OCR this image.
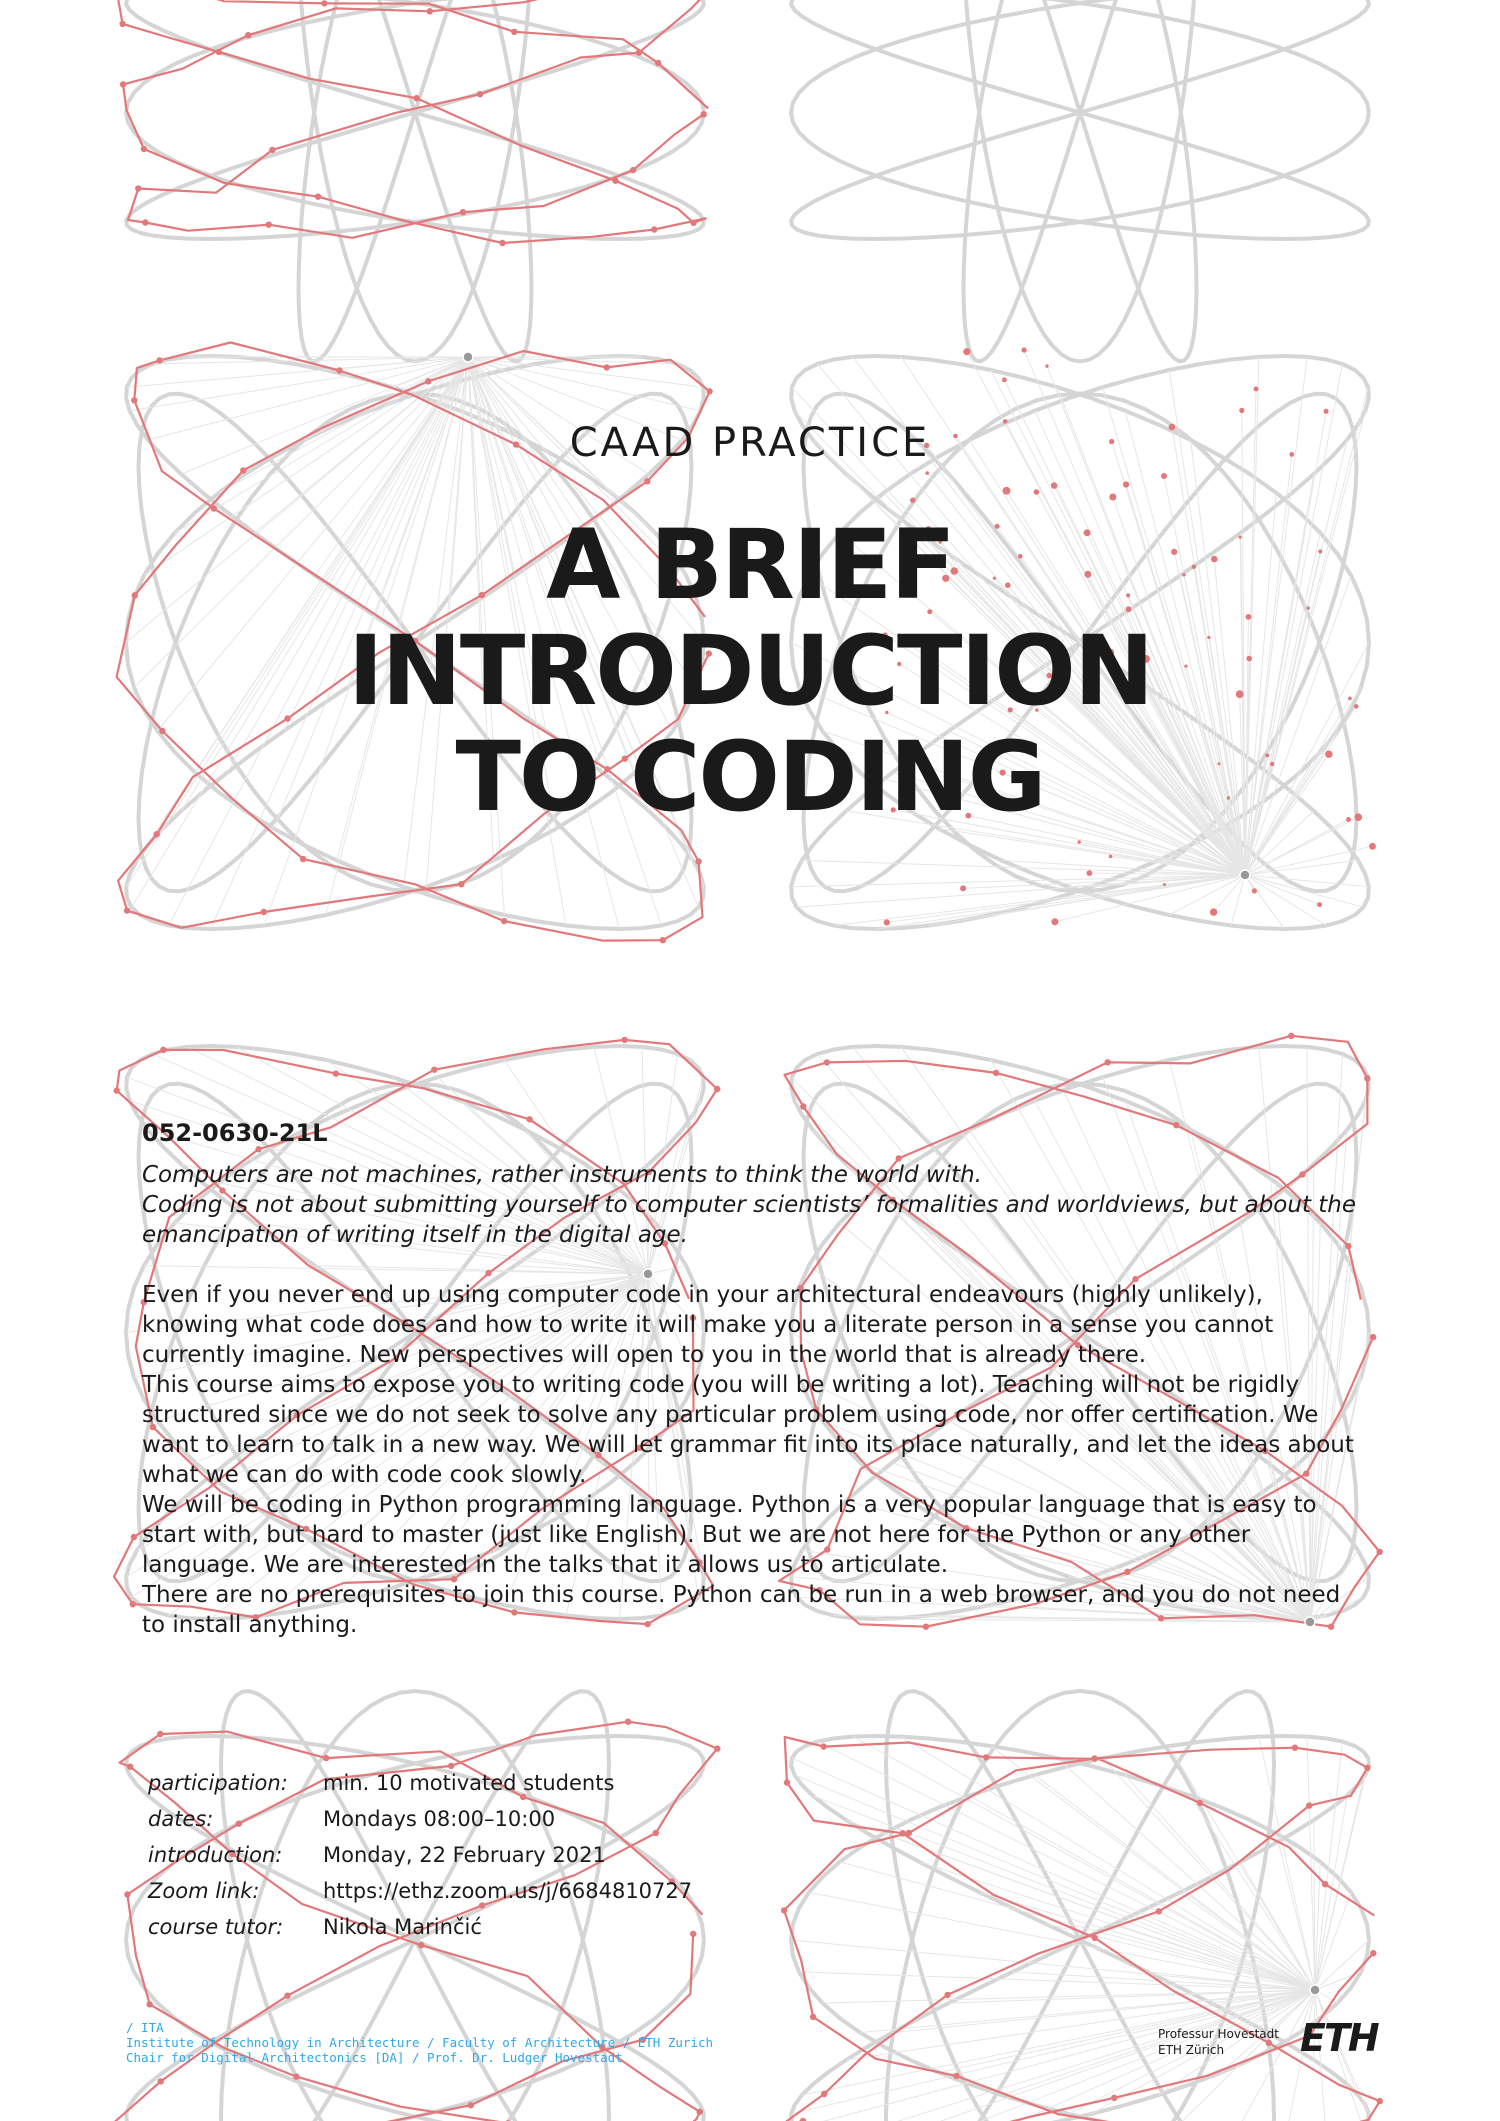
CAAD PRACTICE
A BRIEF
INTRODUCTION
TO CODING
052-0630-21L

Computers are not machines, rather instruments to think the world with.

Coding is not about submitting yourself to computer scientists’ formalities and worldviews, but about the emancipation of writing itself in the digital age.

Even if you never end up using computer code in your architectural endeavours (highly unlikely), knowing what code does and how to write it will make you a literate person in a sense you cannot currently imagine. New perspectives will open to you in the world that is already there.

This course aims to expose you to writing code (you will be writing a lot). Teaching will not be rigidly structured since we do not seek to solve any particular problem using code, nor offer certification. We want to learn to talk in a new way. We will let grammar fit into its place naturally, and let the ideas about what we can do with code cook slowly.

We will be coding in Python programming language. Python is a very popular language that is easy to start with, but hard to master (just like English). But we are not here for the Python or any other language. We are interested in the talks that it allows us to articulate.

There are no prerequisites to join this course. Python can be run in a web browser, and you do not need to install anything.

participation:	min. 10 motivated students
dates:	Mondays 08:00–10:00
introduction:	Monday, 22 February 2021
Zoom link:	https://ethz.zoom.us/j/6684810727
course tutor:	Nikola Marinčić
/ ITA
Institute of Technology in Architecture / Faculty of Architecture / ETH Zurich
Chair for Digital Architectonics [DA] / Prof. Dr. Ludger Hovestadt
Professur Hovestadt
ETH Zürich	ETH
